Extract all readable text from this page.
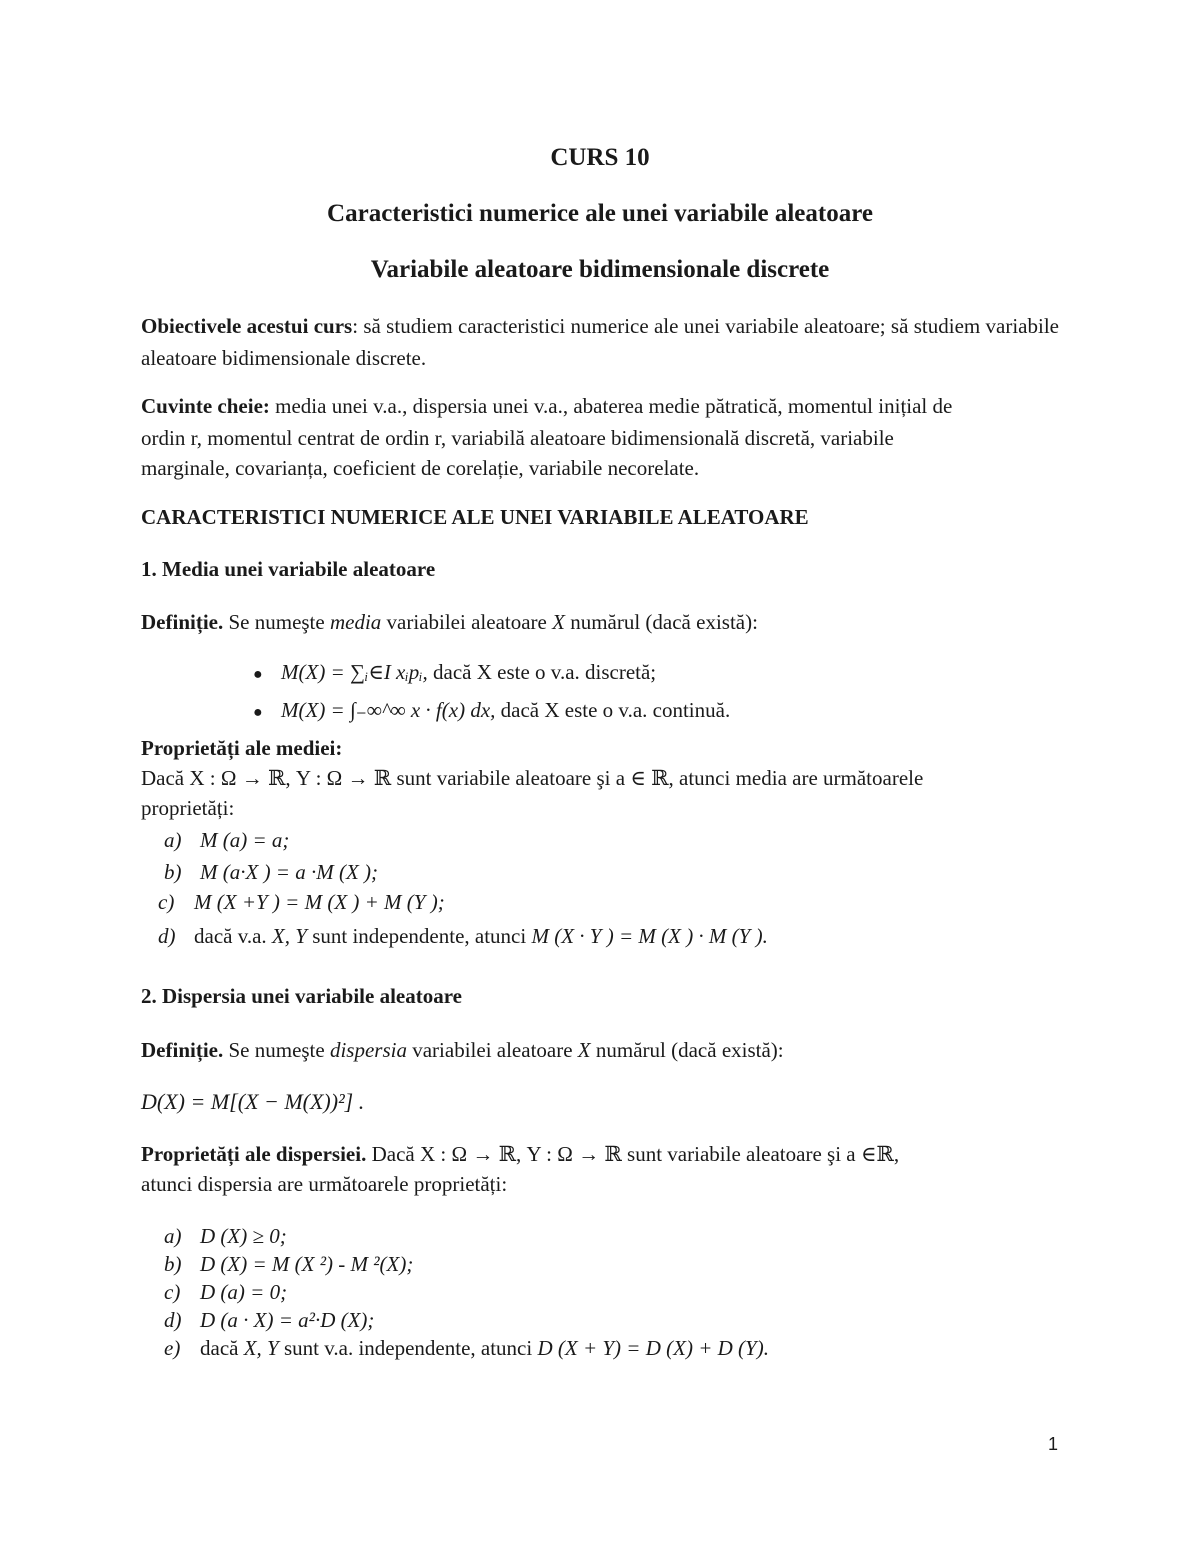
CURS 10
Caracteristici numerice ale unei variabile aleatoare
Variabile aleatoare bidimensionale discrete
Obiectivele acestui curs: să studiem caracteristici numerice ale unei variabile aleatoare; să studiem variabile aleatoare bidimensionale discrete.
Cuvinte cheie: media unei v.a., dispersia unei v.a., abaterea medie pătratică, momentul inițial de
ordin r, momentul centrat de ordin r, variabilă aleatoare bidimensională discretă, variabile
marginale, covarianța, coeficient de corelație, variabile necorelate.
CARACTERISTICI NUMERICE ALE UNEI VARIABILE ALEATOARE
1. Media unei variabile aleatoare
Definiție. Se numeşte media variabilei aleatoare X numărul (dacă există):
● M(X) = ∑ᵢ∈I xᵢpᵢ, dacă X este o v.a. discretă;
● M(X) = ∫₋∞^∞ x · f(x) dx, dacă X este o v.a. continuă.
Proprietăți ale mediei:
Dacă X : Ω → ℝ, Y : Ω → ℝ sunt variabile aleatoare şi a ∈ ℝ, atunci media are următoarele
proprietăți:
a) M (a) = a;
b) M (a·X ) = a ·M (X );
c) M (X +Y ) = M (X ) + M (Y );
d) dacă v.a. X, Y sunt independente, atunci M (X · Y ) = M (X ) · M (Y ).
2. Dispersia unei variabile aleatoare
Definiție. Se numeşte dispersia variabilei aleatoare X numărul (dacă există):
D(X) = M[(X − M(X))²] .
Proprietăți ale dispersiei. Dacă X : Ω → ℝ, Y : Ω → ℝ sunt variabile aleatoare şi a ∈ℝ,
atunci dispersia are următoarele proprietăți:
a) D (X) ≥ 0;
b) D (X) = M (X ²) - M ²(X);
c) D (a) = 0;
d) D (a · X) = a²·D (X);
e) dacă X, Y sunt v.a. independente, atunci D (X + Y) = D (X) + D (Y).
1
